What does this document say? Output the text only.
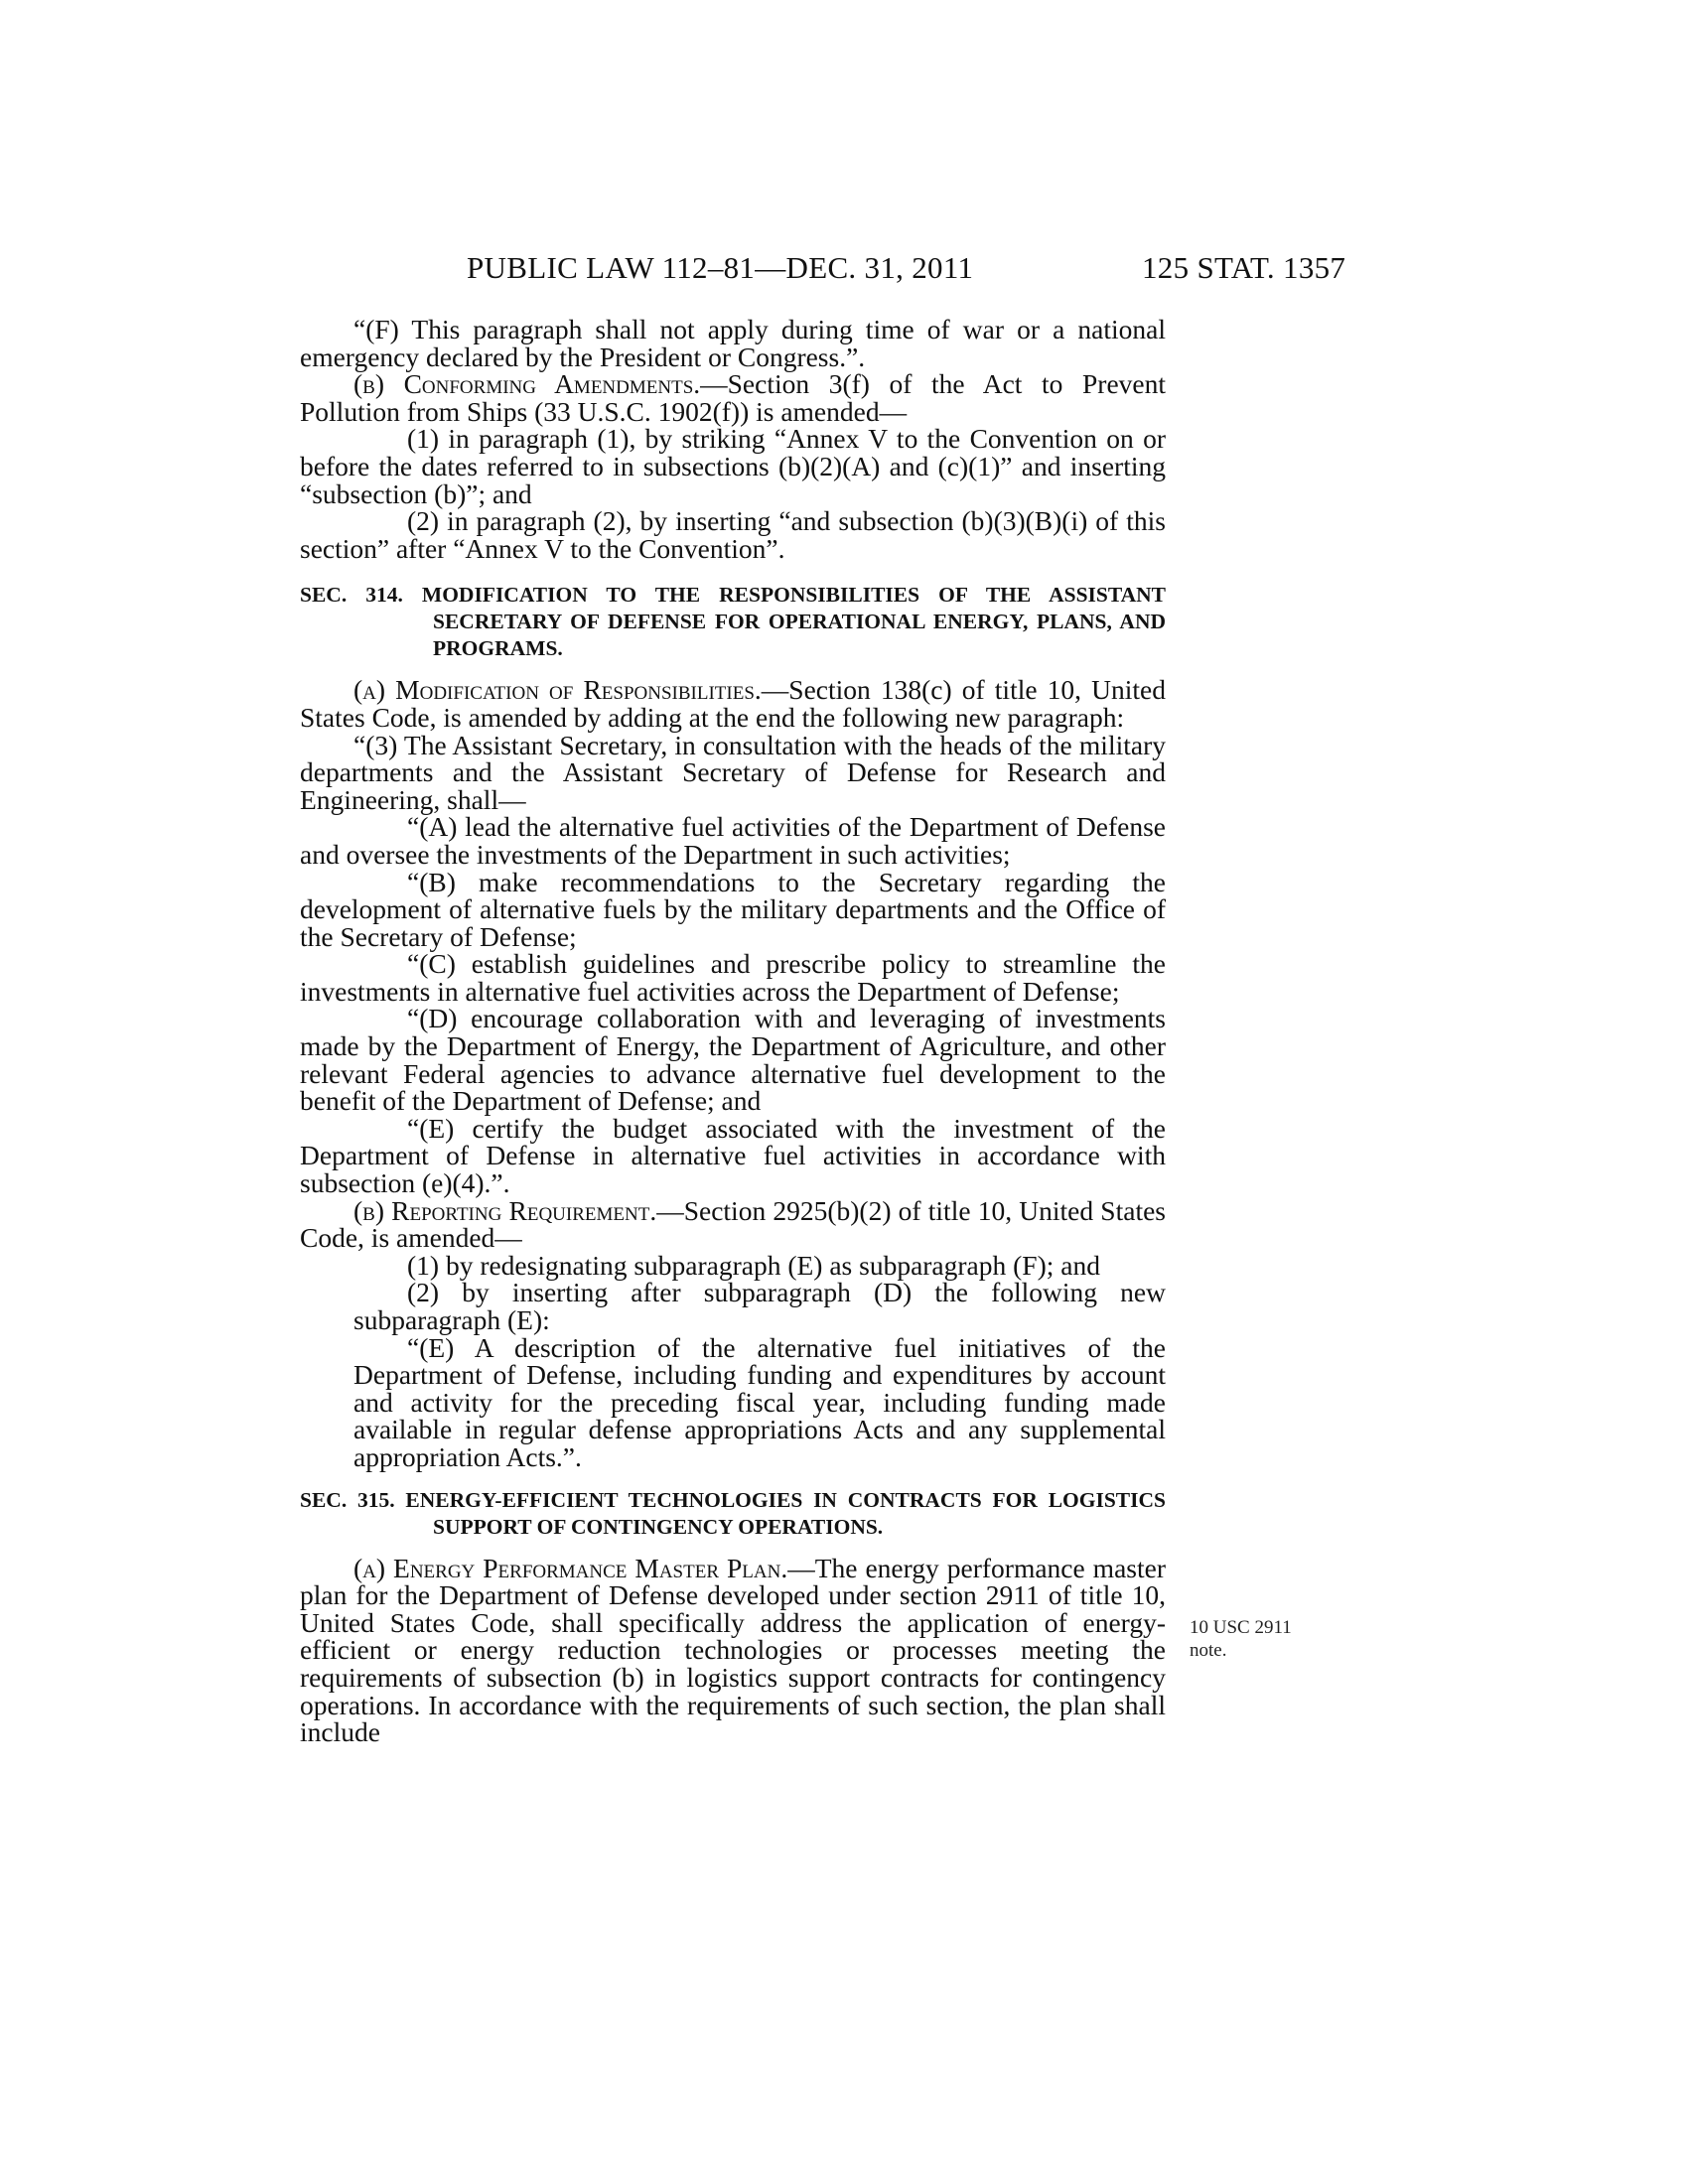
PUBLIC LAW 112–81—DEC. 31, 2011	125 STAT. 1357

“(F) This paragraph shall not apply during time of war or a national emergency declared by the President or Congress.”.

(b) Conforming Amendments.—Section 3(f) of the Act to Prevent Pollution from Ships (33 U.S.C. 1902(f)) is amended—

(1) in paragraph (1), by striking “Annex V to the Convention on or before the dates referred to in subsections (b)(2)(A) and (c)(1)” and inserting “subsection (b)”; and

(2) in paragraph (2), by inserting “and subsection (b)(3)(B)(i) of this section” after “Annex V to the Convention”.

SEC. 314. MODIFICATION TO THE RESPONSIBILITIES OF THE ASSISTANT SECRETARY OF DEFENSE FOR OPERATIONAL ENERGY, PLANS, AND PROGRAMS.

(a) Modification of Responsibilities.—Section 138(c) of title 10, United States Code, is amended by adding at the end the following new paragraph:

“(3) The Assistant Secretary, in consultation with the heads of the military departments and the Assistant Secretary of Defense for Research and Engineering, shall—

“(A) lead the alternative fuel activities of the Department of Defense and oversee the investments of the Department in such activities;

“(B) make recommendations to the Secretary regarding the development of alternative fuels by the military departments and the Office of the Secretary of Defense;

“(C) establish guidelines and prescribe policy to streamline the investments in alternative fuel activities across the Department of Defense;

“(D) encourage collaboration with and leveraging of investments made by the Department of Energy, the Department of Agriculture, and other relevant Federal agencies to advance alternative fuel development to the benefit of the Department of Defense; and

“(E) certify the budget associated with the investment of the Department of Defense in alternative fuel activities in accordance with subsection (e)(4).”.

(b) Reporting Requirement.—Section 2925(b)(2) of title 10, United States Code, is amended—

(1) by redesignating subparagraph (E) as subparagraph (F); and

(2) by inserting after subparagraph (D) the following new subparagraph (E):

“(E) A description of the alternative fuel initiatives of the Department of Defense, including funding and expenditures by account and activity for the preceding fiscal year, including funding made available in regular defense appropriations Acts and any supplemental appropriation Acts.”.

SEC. 315. ENERGY-EFFICIENT TECHNOLOGIES IN CONTRACTS FOR LOGISTICS SUPPORT OF CONTINGENCY OPERATIONS.

(a) Energy Performance Master Plan.—The energy performance master plan for the Department of Defense developed under section 2911 of title 10, United States Code, shall specifically address the application of energy-efficient or energy reduction technologies or processes meeting the requirements of subsection (b) in logistics support contracts for contingency operations. In accordance with the requirements of such section, the plan shall include

10 USC 2911
note.
